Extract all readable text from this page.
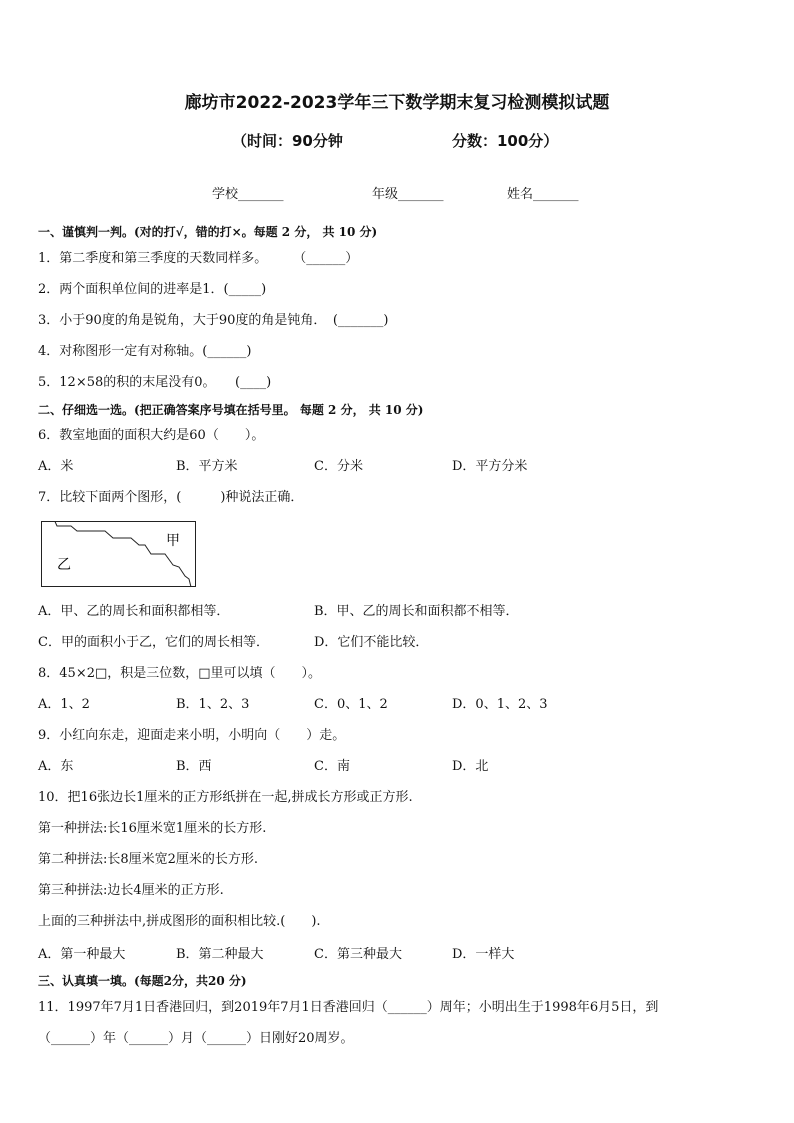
廊坊市2022-2023学年三下数学期末复习检测模拟试题
（时间：90分钟	分数：100分）
学校_______	年级_______	姓名_______
一、谨慎判一判。(对的打√，错的打×。每题 2 分， 共 10 分)
1．第二季度和第三季度的天数同样多。　　　（______）
2．两个面积单位间的进率是1．(_____)
3．小于90度的角是锐角，大于90度的角是钝角．　(_______)
4．对称图形一定有对称轴。(______)
5．12×58的积的末尾没有0。　　(____)
二、仔细选一选。(把正确答案序号填在括号里。 每题 2 分， 共 10 分)
6．教室地面的面积大约是60（　　）。
A．米	B．平方米	C．分米	D．平方分米
7．比较下面两个图形，(　　　)种说法正确．
甲
乙
A．甲、乙的周长和面积都相等．	B．甲、乙的周长和面积都不相等．
C．甲的面积小于乙，它们的周长相等．	D．它们不能比较．
8．45×2□，积是三位数，□里可以填（　　）。
A．1、2	B．1、2、3	C．0、1、2	D．0、1、2、3
9．小红向东走，迎面走来小明，小明向（　　）走。
A．东	B．西	C．南	D．北
10．把16张边长1厘米的正方形纸拼在一起,拼成长方形或正方形.
第一种拼法:长16厘米宽1厘米的长方形.
第二种拼法:长8厘米宽2厘米的长方形.
第三种拼法:边长4厘米的正方形.
上面的三种拼法中,拼成图形的面积相比较.(　　).
A．第一种最大	B．第二种最大	C．第三种最大	D．一样大
三、认真填一填。(每题2分，共20 分)
11．1997年7月1日香港回归，到2019年7月1日香港回归（______）周年；小明出生于1998年6月5日，到
（______）年（______）月（______）日刚好20周岁。
